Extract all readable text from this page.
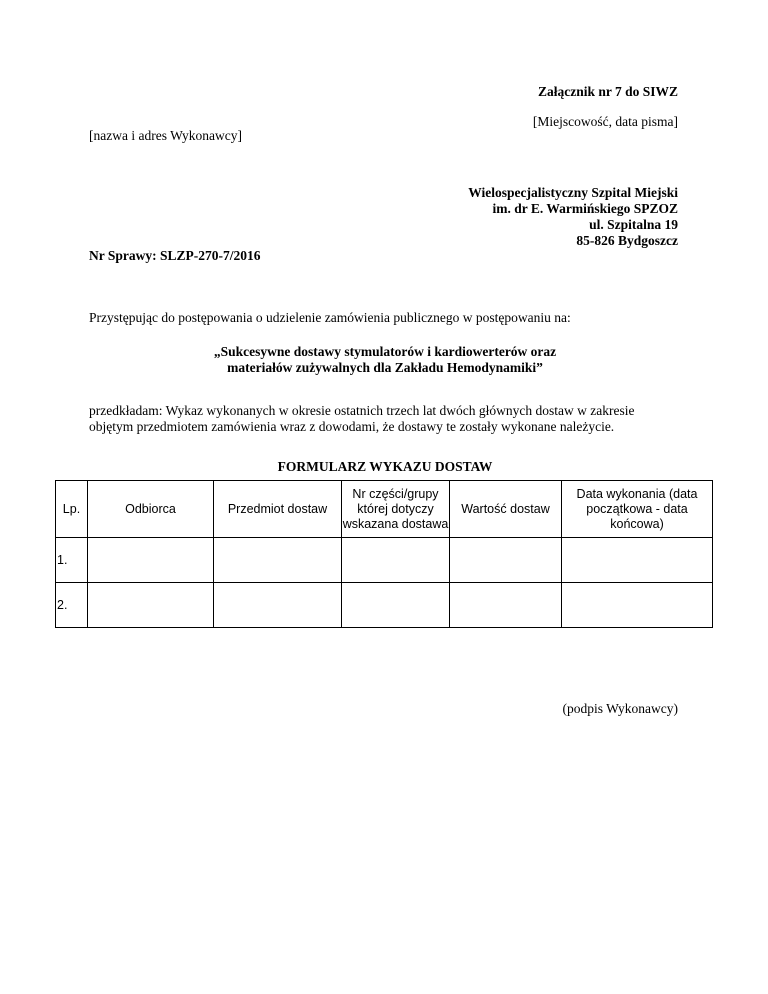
Załącznik nr 7 do SIWZ
[Miejscowość, data pisma]
[nazwa i adres Wykonawcy]
Wielospecjalistyczny Szpital Miejski
im. dr E. Warmińskiego SPZOZ
ul. Szpitalna 19
85-826 Bydgoszcz
Nr Sprawy: SLZP-270-7/2016
Przystępując do postępowania o udzielenie zamówienia publicznego w postępowaniu na:
„Sukcesywne dostawy stymulatorów i kardiowerterów oraz
materiałów zużywalnych dla Zakładu Hemodynamiki”
przedkładam: Wykaz wykonanych w okresie ostatnich trzech lat dwóch głównych dostaw w zakresie
objętym przedmiotem zamówienia wraz z dowodami, że dostawy te zostały wykonane należycie.
FORMULARZ WYKAZU DOSTAW
Lp.	Odbiorca	Przedmiot dostaw	Nr części/grupy której dotyczy wskazana dostawa	Wartość dostaw	Data wykonania (data początkowa - data końcowa)
1.					
2.					
(podpis Wykonawcy)
